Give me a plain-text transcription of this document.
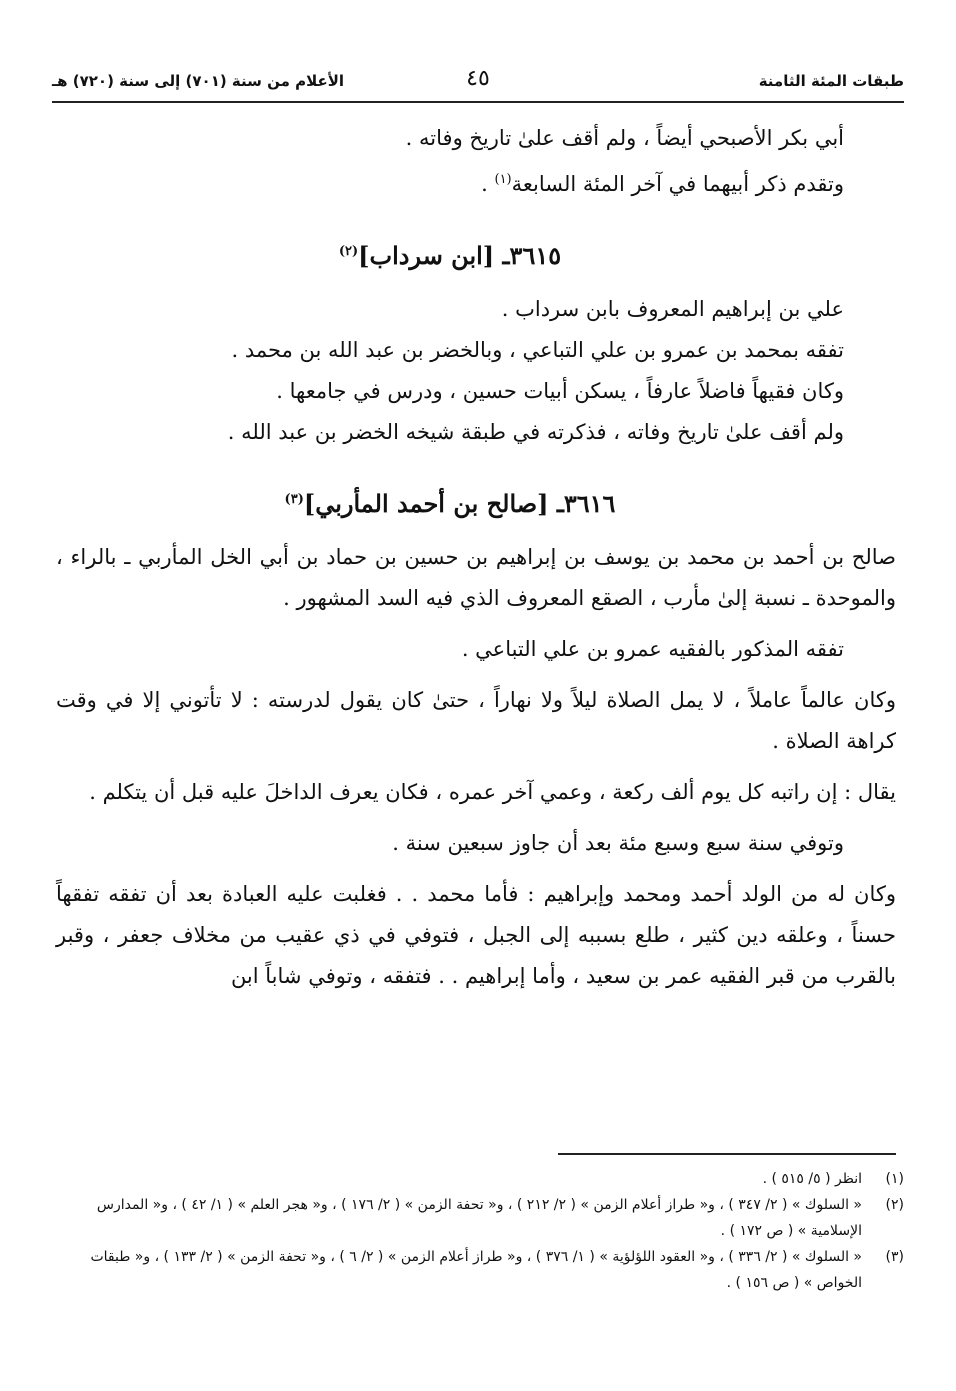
طبقات المئة الثامنة
٤٥
الأعلام من سنة (٧٠١) إلى سنة (٧٢٠) هـ

أبي بكر الأصبحي أيضاً ، ولم أقف علىٰ تاريخ وفاته .

وتقدم ذكر أبيهما في آخر المئة السابعة$^{(١)}$ .

٣٦١٥ـ [ابن سرداب]$^{(٢)}$

علي بن إبراهيم المعروف بابن سرداب .

تفقه بمحمد بن عمرو بن علي التباعي ، وبالخضر بن عبد الله بن محمد .

وكان فقيهاً فاضلاً عارفاً ، يسكن أبيات حسين ، ودرس في جامعها .

ولم أقف علىٰ تاريخ وفاته ، فذكرته في طبقة شيخه الخضر بن عبد الله .

٣٦١٦ـ [صالح بن أحمد المأربي]$^{(٣)}$

صالح بن أحمد بن محمد بن يوسف بن إبراهيم بن حسين بن حماد بن أبي الخل المأربي ـ بالراء ، والموحدة ـ نسبة إلىٰ مأرب ، الصقع المعروف الذي فيه السد المشهور .

تفقه المذكور بالفقيه عمرو بن علي التباعي .

وكان عالماً عاملاً ، لا يمل الصلاة ليلاً ولا نهاراً ، حتىٰ كان يقول لدرسته : لا تأتوني إلا في وقت كراهة الصلاة .

يقال : إن راتبه كل يوم ألف ركعة ، وعمي آخر عمره ، فكان يعرف الداخلَ عليه قبل أن يتكلم .

وتوفي سنة سبع وسبع مئة بعد أن جاوز سبعين سنة .

وكان له من الولد أحمد ومحمد وإبراهيم : فأما محمد . . فغلبت عليه العبادة بعد أن تفقه تفقهاً حسناً ، وعلقه دين كثير ، طلع بسببه إلى الجبل ، فتوفي في ذي عقيب من مخلاف جعفر ، وقبر بالقرب من قبر الفقيه عمر بن سعيد ، وأما إبراهيم . . فتفقه ، وتوفي شاباً ابن

(١)
انظر ( ٥/ ٥١٥ ) .
(٢)
« السلوك » ( ٢/ ٣٤٧ ) ، و« طراز أعلام الزمن » ( ٢/ ٢١٢ ) ، و« تحفة الزمن » ( ٢/ ١٧٦ ) ، و« هجر العلم » ( ١/ ٤٢ ) ، و« المدارس الإسلامية » ( ص ١٧٢ ) .
(٣)
« السلوك » ( ٢/ ٣٣٦ ) ، و« العقود اللؤلؤية » ( ١/ ٣٧٦ ) ، و« طراز أعلام الزمن » ( ٢/ ٦ ) ، و« تحفة الزمن » ( ٢/ ١٣٣ ) ، و« طبقات الخواص » ( ص ١٥٦ ) .
